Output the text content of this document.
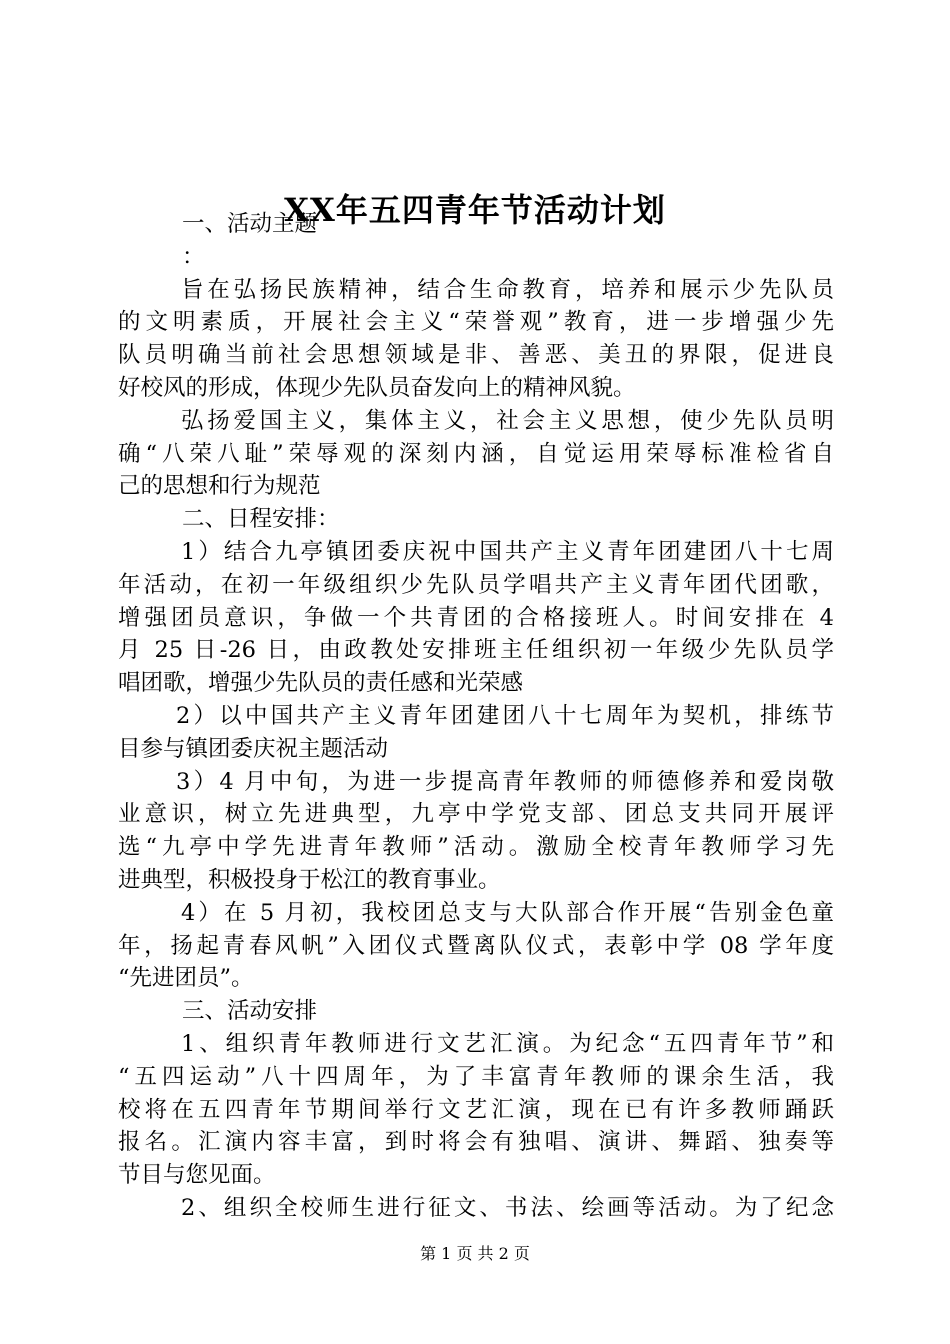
XX年五四青年节活动计划
一、活动主题
：
旨在弘扬民族精神，结合生命教育，培养和展示少先队员
的文明素质，开展社会主义“荣誉观”教育，进一步增强少先
队员明确当前社会思想领域是非、善恶、美丑的界限，促进良
好校风的形成，体现少先队员奋发向上的精神风貌。
弘扬爱国主义，集体主义，社会主义思想，使少先队员明
确“八荣八耻”荣辱观的深刻内涵，自觉运用荣辱标准检省自
己的思想和行为规范
二、日程安排：
1）结合九亭镇团委庆祝中国共产主义青年团建团八十七周
年活动，在初一年级组织少先队员学唱共产主义青年团代团歌，
增强团员意识，争做一个共青团的合格接班人。时间安排在 4
月 25 日-26 日，由政教处安排班主任组织初一年级少先队员学
唱团歌，增强少先队员的责任感和光荣感
2）以中国共产主义青年团建团八十七周年为契机，排练节
目参与镇团委庆祝主题活动
3）4 月中旬，为进一步提高青年教师的师德修养和爱岗敬
业意识，树立先进典型，九亭中学党支部、团总支共同开展评
选“九亭中学先进青年教师”活动。激励全校青年教师学习先
进典型，积极投身于松江的教育事业。
4）在 5 月初，我校团总支与大队部合作开展“告别金色童
年，扬起青春风帆”入团仪式暨离队仪式，表彰中学 08 学年度
“先进团员”。
三、活动安排
1、组织青年教师进行文艺汇演。为纪念“五四青年节”和
“五四运动”八十四周年，为了丰富青年教师的课余生活，我
校将在五四青年节期间举行文艺汇演，现在已有许多教师踊跃
报名。汇演内容丰富，到时将会有独唱、演讲、舞蹈、独奏等
节目与您见面。
2、组织全校师生进行征文、书法、绘画等活动。为了纪念
第 1 页 共 2 页
